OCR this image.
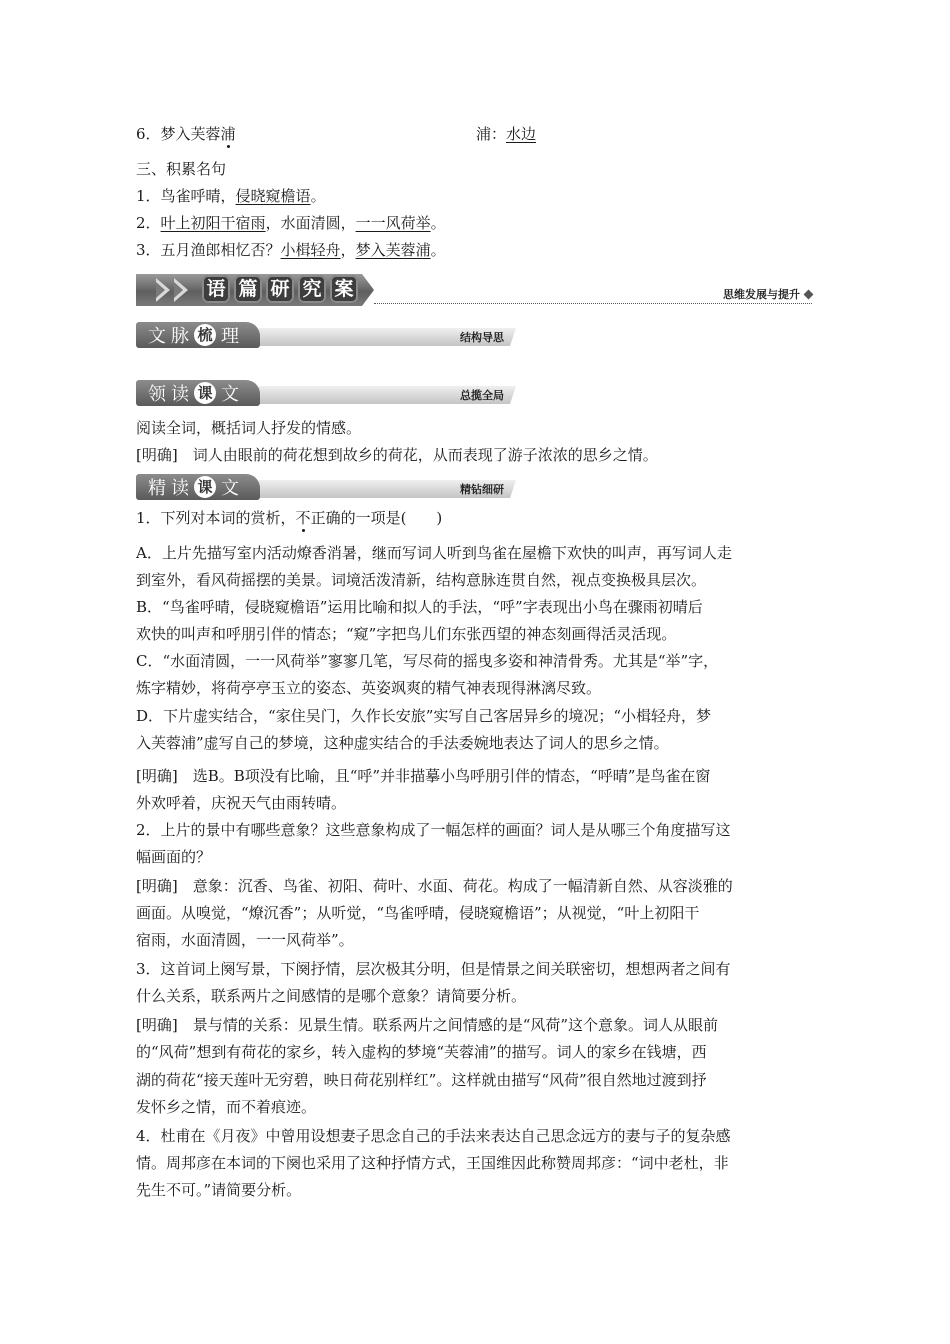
6．梦入芙蓉浦	浦：水边
三、积累名句
1．鸟雀呼晴，侵晓窥檐语。
2．叶上初阳干宿雨，水面清圆，一一风荷举。
3．五月渔郎相忆否？小楫轻舟，梦入芙蓉浦。
语 篇 研 究 案	思维发展与提升
文 脉 梳 理	结构导思
领 读 课 文	总揽全局
阅读全词，概括词人抒发的情感。
[明确]　词人由眼前的荷花想到故乡的荷花，从而表现了游子浓浓的思乡之情。
精 读 课 文	精钻细研
1．下列对本词的赏析，不正确的一项是(　　)
A．上片先描写室内活动燎香消暑，继而写词人听到鸟雀在屋檐下欢快的叫声，再写词人走
到室外，看风荷摇摆的美景。词境活泼清新，结构意脉连贯自然，视点变换极具层次。
B．“鸟雀呼晴，侵晓窥檐语”运用比喻和拟人的手法，“呼”字表现出小鸟在骤雨初晴后
欢快的叫声和呼朋引伴的情态；“窥”字把鸟儿们东张西望的神态刻画得活灵活现。
C．“水面清圆，一一风荷举”寥寥几笔，写尽荷的摇曳多姿和神清骨秀。尤其是“举”字，
炼字精妙，将荷亭亭玉立的姿态、英姿飒爽的精气神表现得淋漓尽致。
D．下片虚实结合，“家住吴门，久作长安旅”实写自己客居异乡的境况；“小楫轻舟，梦
入芙蓉浦”虚写自己的梦境，这种虚实结合的手法委婉地表达了词人的思乡之情。
[明确]　选B。B项没有比喻，且“呼”并非描摹小鸟呼朋引伴的情态，“呼晴”是鸟雀在窗
外欢呼着，庆祝天气由雨转晴。
2．上片的景中有哪些意象？这些意象构成了一幅怎样的画面？词人是从哪三个角度描写这
幅画面的？
[明确]　意象：沉香、鸟雀、初阳、荷叶、水面、荷花。构成了一幅清新自然、从容淡雅的
画面。从嗅觉，“燎沉香”；从听觉，“鸟雀呼晴，侵晓窥檐语”；从视觉，“叶上初阳干
宿雨，水面清圆，一一风荷举”。
3．这首词上阕写景，下阕抒情，层次极其分明，但是情景之间关联密切，想想两者之间有
什么关系，联系两片之间感情的是哪个意象？请简要分析。
[明确]　景与情的关系：见景生情。联系两片之间情感的是“风荷”这个意象。词人从眼前
的“风荷”想到有荷花的家乡，转入虚构的梦境“芙蓉浦”的描写。词人的家乡在钱塘，西
湖的荷花“接天莲叶无穷碧，映日荷花别样红”。这样就由描写“风荷”很自然地过渡到抒
发怀乡之情，而不着痕迹。
4．杜甫在《月夜》中曾用设想妻子思念自己的手法来表达自己思念远方的妻与子的复杂感
情。周邦彦在本词的下阕也采用了这种抒情方式，王国维因此称赞周邦彦：“词中老杜，非
先生不可。”请简要分析。
